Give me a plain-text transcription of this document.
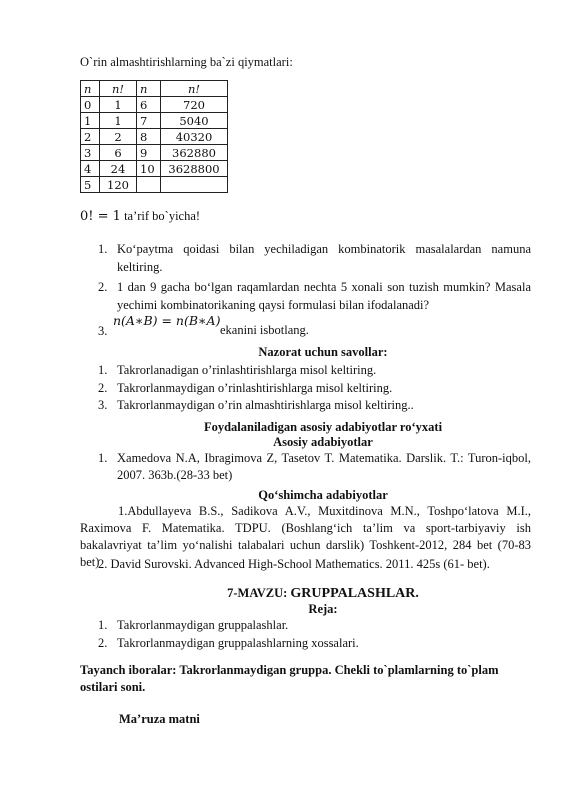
O`rin almashtirishlarning ba`zi qiymatlari:
n	n!	n	n!
0	1	6	720
1	1	7	5040
2	2	8	40320
3	6	9	362880
4	24	10	3628800
5	120		
0! = 1 ta’rif bo`yicha!
1. Ko‘paytma qoidasi bilan yechiladigan kombinatorik masalalardan namuna keltiring.
2. 1 dan 9 gacha bo‘lgan raqamlardan nechta 5 xonali son tuzish mumkin? Masala yechimi kombinatorikaning qaysi formulasi bilan ifodalanadi?
3.
n(A∗B) = n(B∗A)
ekanini isbotlang.
Nazorat uchun savollar:
1. Takrorlanadigan o’rinlashtirishlarga misol keltiring.
2. Takrorlanmaydigan o’rinlashtirishlarga misol keltiring.
3. Takrorlanmaydigan o’rin almashtirishlarga misol keltiring..
Foydalaniladigan asosiy adabiyotlar ro‘yxati
Asosiy adabiyotlar
1. Xamedova N.A, Ibragimova Z, Tasetov T. Matematika. Darslik. T.: Turon-iqbol, 2007. 363b.(28-33 bet)
Qo‘shimcha adabiyotlar
1.Abdullayeva B.S., Sadikova A.V., Muxitdinova M.N., Toshpo‘latova M.I., Raximova F. Matematika. TDPU. (Boshlang‘ich ta’lim va sport-tarbiyaviy ish bakalavriyat ta’lim yo‘nalishi talabalari uchun darslik) Toshkent-2012, 284 bet (70-83 bet)
2. David Surovski. Advanced High-School Mathematics. 2011. 425s (61- bet).
7-MAVZU: GRUPPALASHLAR.
Reja:
1. Takrorlanmaydigan gruppalashlar.
2. Takrorlanmaydigan gruppalashlarning xossalari.
Tayanch iboralar: Takrorlanmaydigan gruppa. Chekli to`plamlarning to`plam ostilari soni.
Ma’ruza matni
